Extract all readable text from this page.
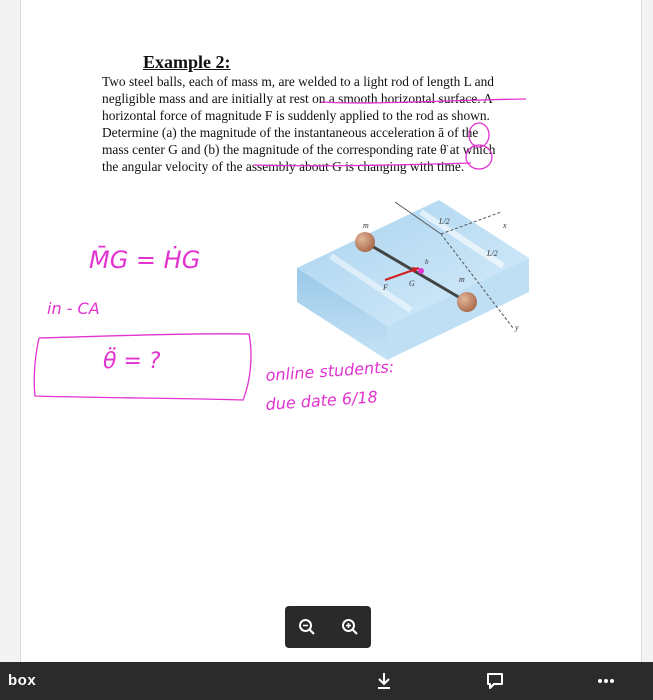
Example 2:
Two steel balls, each of mass m, are welded to a light rod of length L and
negligible mass and are initially at rest on a smooth horizontal surface. A
horizontal force of magnitude F is suddenly applied to the rod as shown.
Determine (a) the magnitude of the instantaneous acceleration ā of the
mass center G and (b) the magnitude of the corresponding rate θ̈ at which
the angular velocity of the assembly about G is changing with time.
m
m
L/2
L/2
x
y
b
F	G
M̄G = ḢG
in - CA
θ̈ = ?	online students:
due date 6/18
box
